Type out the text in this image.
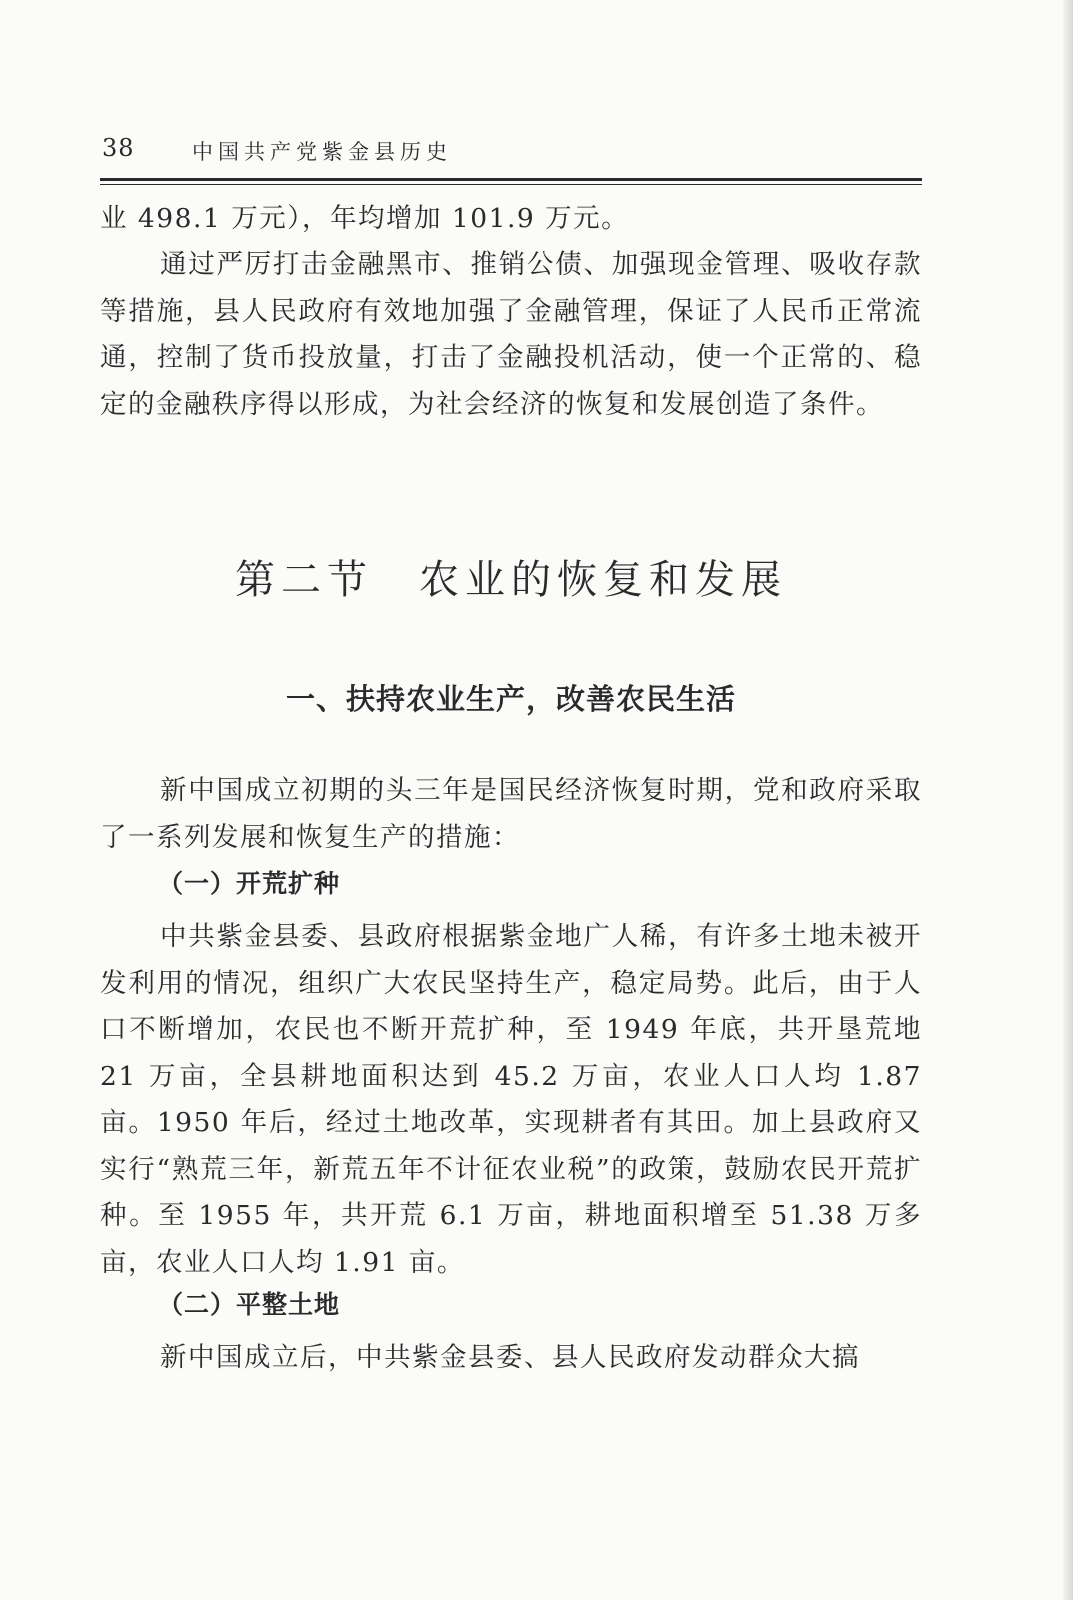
38	中国共产党紫金县历史

业 498.1 万元），年均增加 101.9 万元。

通过严厉打击金融黑市、推销公债、加强现金管理、吸收存款等措施，县人民政府有效地加强了金融管理，保证了人民币正常流通，控制了货币投放量，打击了金融投机活动，使一个正常的、稳定的金融秩序得以形成，为社会经济的恢复和发展创造了条件。

第二节　农业的恢复和发展
一、扶持农业生产，改善农民生活

新中国成立初期的头三年是国民经济恢复时期，党和政府采取了一系列发展和恢复生产的措施：

（一）开荒扩种

中共紫金县委、县政府根据紫金地广人稀，有许多土地未被开发利用的情况，组织广大农民坚持生产，稳定局势。此后，由于人口不断增加，农民也不断开荒扩种，至 1949 年底，共开垦荒地 21 万亩，全县耕地面积达到 45.2 万亩，农业人口人均 1.87 亩。1950 年后，经过土地改革，实现耕者有其田。加上县政府又实行“熟荒三年，新荒五年不计征农业税”的政策，鼓励农民开荒扩种。至 1955 年，共开荒 6.1 万亩，耕地面积增至 51.38 万多亩，农业人口人均 1.91 亩。

（二）平整土地

新中国成立后，中共紫金县委、县人民政府发动群众大搞
